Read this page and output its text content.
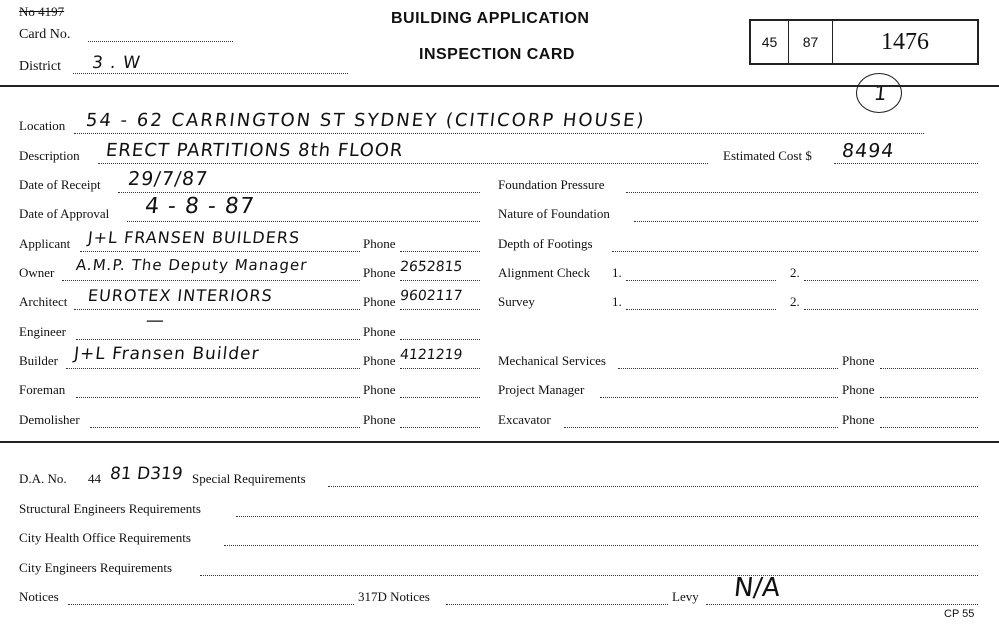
No 4197
Card No.
District 3 . W
BUILDING APPLICATION
INSPECTION CARD
45	87	1476
1
Location 54 - 62 CARRINGTON ST SYDNEY (CITICORP HOUSE)
Description ERECT PARTITIONS 8th FLOOR	Estimated Cost $ 8494
Date of Receipt 29/7/87
Date of Approval 4 - 8 - 87
Applicant J+L FRANSEN BUILDERS	Phone
Owner A.M.P. The Deputy Manager	Phone 2652815
Architect EUROTEX INTERIORS	Phone 9602117
Engineer
—
Phone
Builder J+L Fransen Builder	Phone 4121219
Foreman	Phone
Demolisher	Phone
Foundation Pressure
Nature of Foundation
Depth of Footings
Alignment Check 1.	2.
Survey	1.	2.
Mechanical Services	Phone
Project Manager	Phone
Excavator	Phone
D.A. No. 44 81 D319 Special Requirements
Structural Engineers Requirements
City Health Office Requirements
City Engineers Requirements
Notices	317D Notices	Levy N/A
CP 55
